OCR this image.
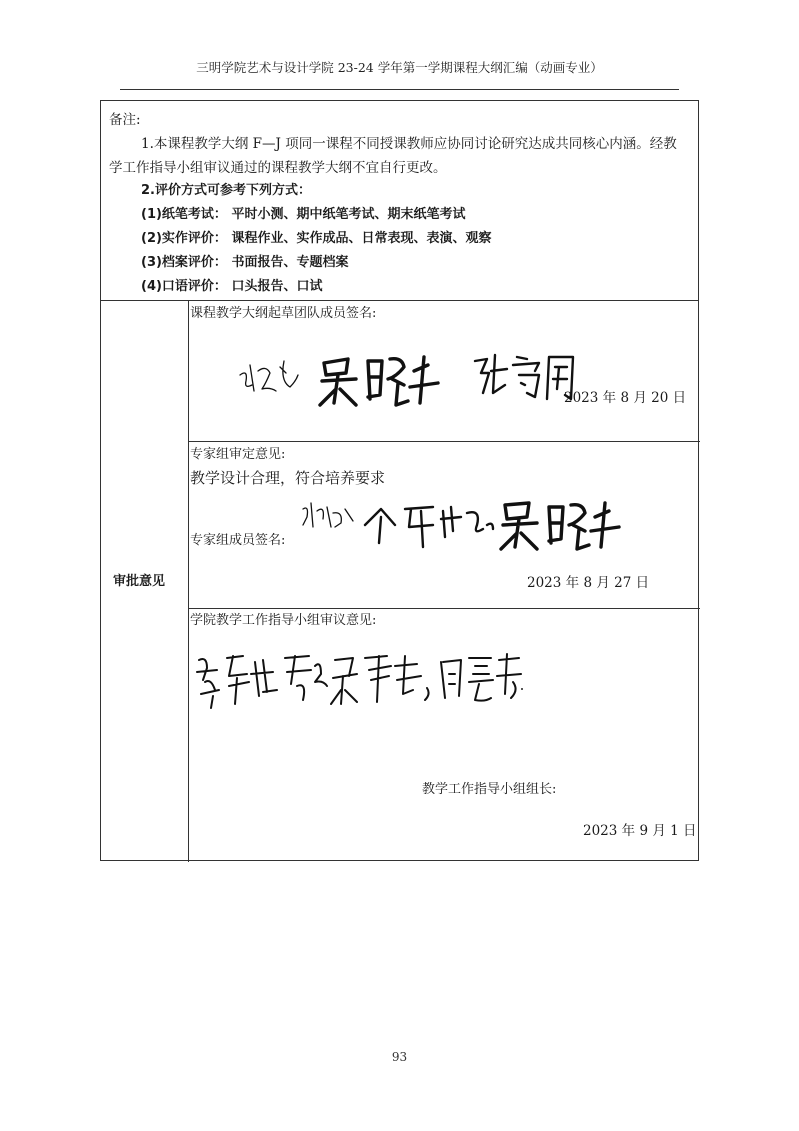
三明学院艺术与设计学院 23-24 学年第一学期课程大纲汇编（动画专业）
备注:
1.本课程教学大纲 F—J 项同一课程不同授课教师应协同讨论研究达成共同核心内涵。经教
学工作指导小组审议通过的课程教学大纲不宜自行更改。
2.评价方式可参考下列方式：
(1)纸笔考试： 平时小测、期中纸笔考试、期末纸笔考试
(2)实作评价： 课程作业、实作成品、日常表现、表演、观察
(3)档案评价： 书面报告、专题档案
(4)口语评价： 口头报告、口试
审批意见
课程教学大纲起草团队成员签名:
2023 年 8 月 20 日
专家组审定意见:
教学设计合理，符合培养要求
专家组成员签名:
2023 年 8 月 27 日
学院教学工作指导小组审议意见:
教学工作指导小组组长:
2023 年 9 月 1 日
93
